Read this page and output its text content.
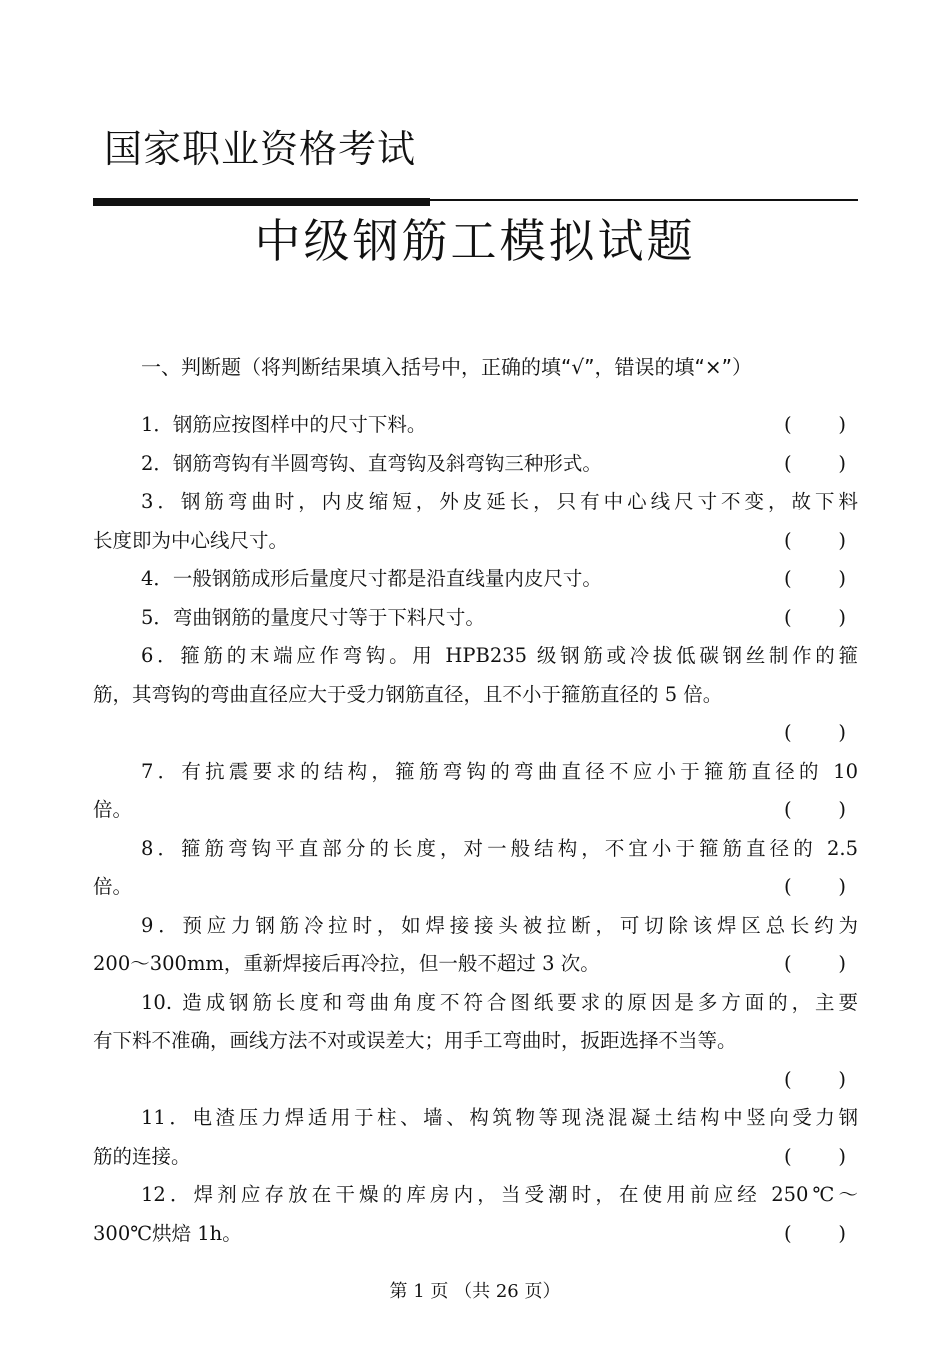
国家职业资格考试
中级钢筋工模拟试题
一、判断题（将判断结果填入括号中，正确的填“√”，错误的填“×”）
1．钢筋应按图样中的尺寸下料。	( )
2．钢筋弯钩有半圆弯钩、直弯钩及斜弯钩三种形式。	( )
3．钢筋弯曲时，内皮缩短，外皮延长，只有中心线尺寸不变，故下料
长度即为中心线尺寸。	( )
4．一般钢筋成形后量度尺寸都是沿直线量内皮尺寸。	( )
5．弯曲钢筋的量度尺寸等于下料尺寸。	( )
6．箍筋的末端应作弯钩。用 HPB235 级钢筋或冷拔低碳钢丝制作的箍
筋，其弯钩的弯曲直径应大于受力钢筋直径，且不小于箍筋直径的 5 倍。
( )
7．有抗震要求的结构，箍筋弯钩的弯曲直径不应小于箍筋直径的 10
倍。	( )
8．箍筋弯钩平直部分的长度，对一般结构，不宜小于箍筋直径的 2.5
倍。	( )
9．预应力钢筋冷拉时，如焊接接头被拉断，可切除该焊区总长约为
200～300mm，重新焊接后再冷拉，但一般不超过 3 次。	( )
10. 造成钢筋长度和弯曲角度不符合图纸要求的原因是多方面的，主要
有下料不准确，画线方法不对或误差大；用手工弯曲时，扳距选择不当等。
( )
11．电渣压力焊适用于柱、墙、构筑物等现浇混凝土结构中竖向受力钢
筋的连接。	( )
12．焊剂应存放在干燥的库房内，当受潮时，在使用前应经 250℃～
300℃烘焙 1h。	( )
第 1 页 （共 26 页）
